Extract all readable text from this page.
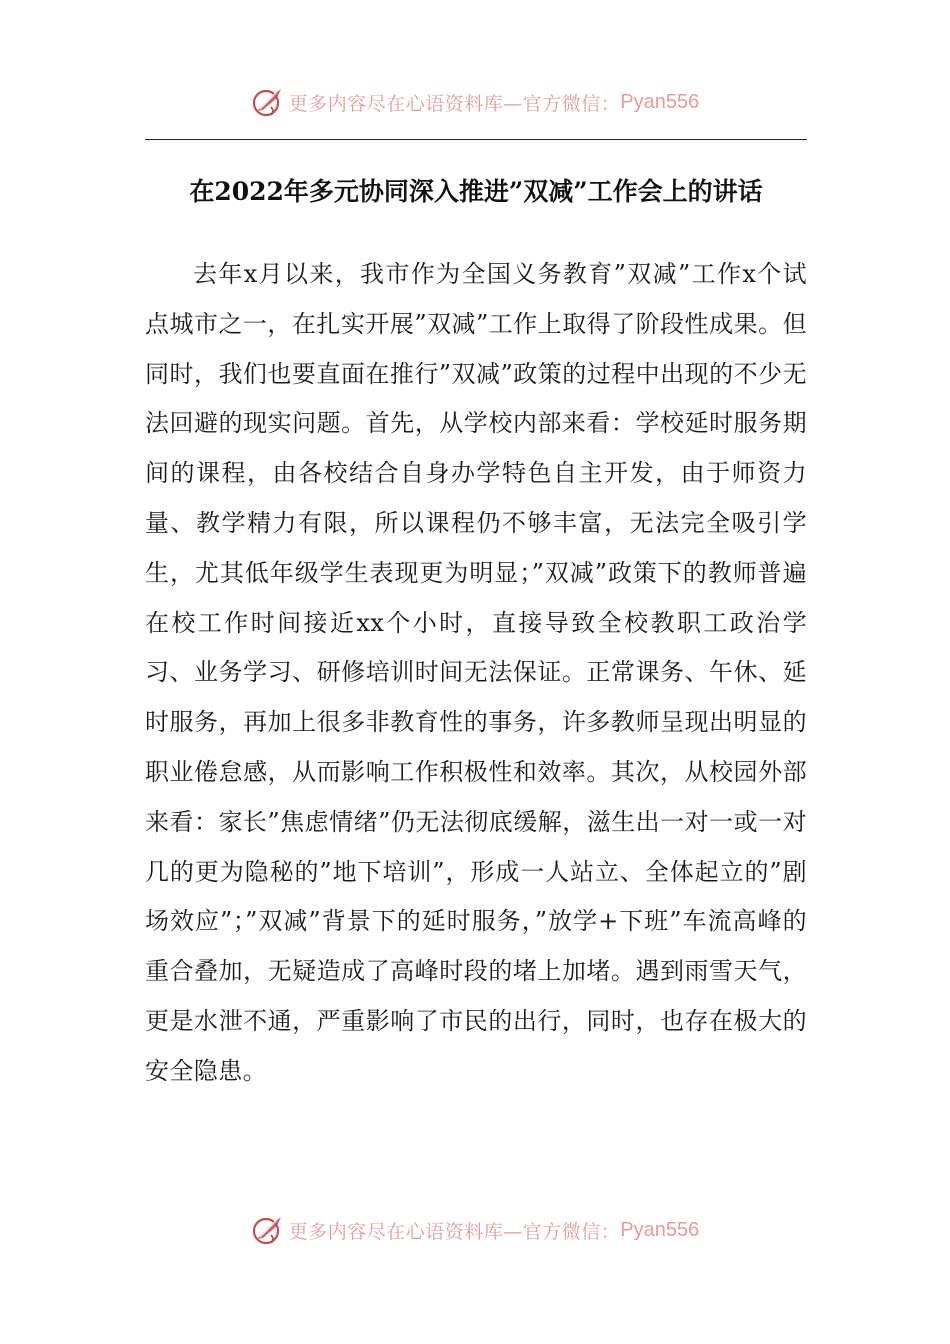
更多内容尽在心语资料库—官方微信： Pyan556
在2022年多元协同深入推进”双减”工作会上的讲话

去年x月以来，我市作为全国义务教育”双减”工作x个试点城市之一，在扎实开展”双减”工作上取得了阶段性成果。但同时，我们也要直面在推行”双减”政策的过程中出现的不少无法回避的现实问题。首先，从学校内部来看：学校延时服务期间的课程，由各校结合自身办学特色自主开发，由于师资力量、教学精力有限，所以课程仍不够丰富，无法完全吸引学生，尤其低年级学生表现更为明显；”双减”政策下的教师普遍在校工作时间接近xx个小时，直接导致全校教职工政治学习、业务学习、研修培训时间无法保证。正常课务、午休、延时服务，再加上很多非教育性的事务，许多教师呈现出明显的职业倦怠感，从而影响工作积极性和效率。其次，从校园外部来看：家长”焦虑情绪”仍无法彻底缓解，滋生出一对一或一对几的更为隐秘的”地下培训”，形成一人站立、全体起立的”剧场效应”；”双减”背景下的延时服务，”放学+下班”车流高峰的重合叠加，无疑造成了高峰时段的堵上加堵。遇到雨雪天气，更是水泄不通，严重影响了市民的出行，同时，也存在极大的安全隐患。

更多内容尽在心语资料库—官方微信： Pyan556
